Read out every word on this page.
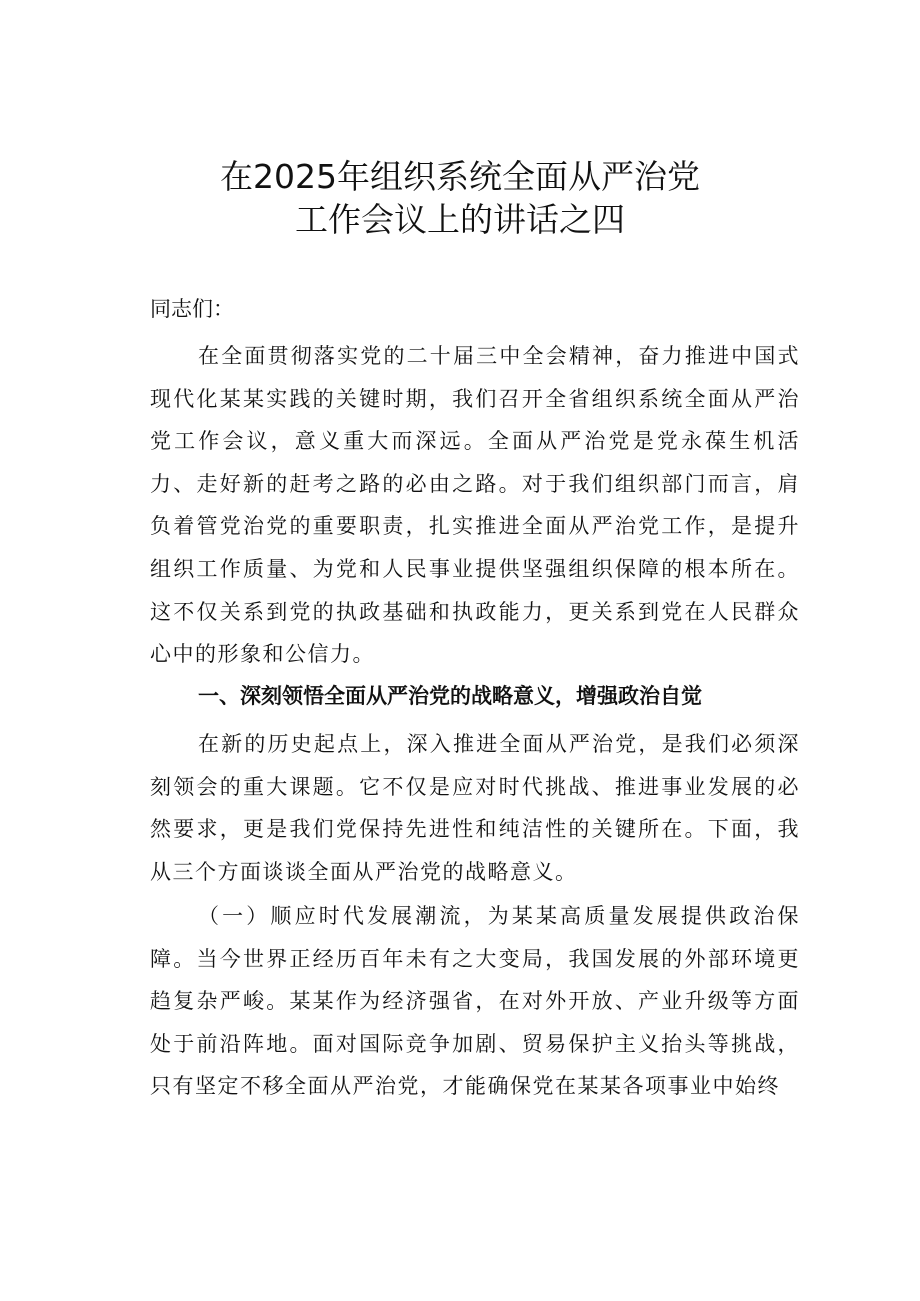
在2025年组织系统全面从严治党
工作会议上的讲话之四

同志们：

在全面贯彻落实党的二十届三中全会精神，奋力推进中国式现代化某某实践的关键时期，我们召开全省组织系统全面从严治党工作会议，意义重大而深远。全面从严治党是党永葆生机活力、走好新的赶考之路的必由之路。对于我们组织部门而言，肩负着管党治党的重要职责，扎实推进全面从严治党工作，是提升组织工作质量、为党和人民事业提供坚强组织保障的根本所在。这不仅关系到党的执政基础和执政能力，更关系到党在人民群众心中的形象和公信力。

一、深刻领悟全面从严治党的战略意义，增强政治自觉

在新的历史起点上，深入推进全面从严治党，是我们必须深刻领会的重大课题。它不仅是应对时代挑战、推进事业发展的必然要求，更是我们党保持先进性和纯洁性的关键所在。下面，我从三个方面谈谈全面从严治党的战略意义。

（一）顺应时代发展潮流，为某某高质量发展提供政治保障。当今世界正经历百年未有之大变局，我国发展的外部环境更趋复杂严峻。某某作为经济强省，在对外开放、产业升级等方面处于前沿阵地。面对国际竞争加剧、贸易保护主义抬头等挑战，只有坚定不移全面从严治党，才能确保党在某某各项事业中始终
